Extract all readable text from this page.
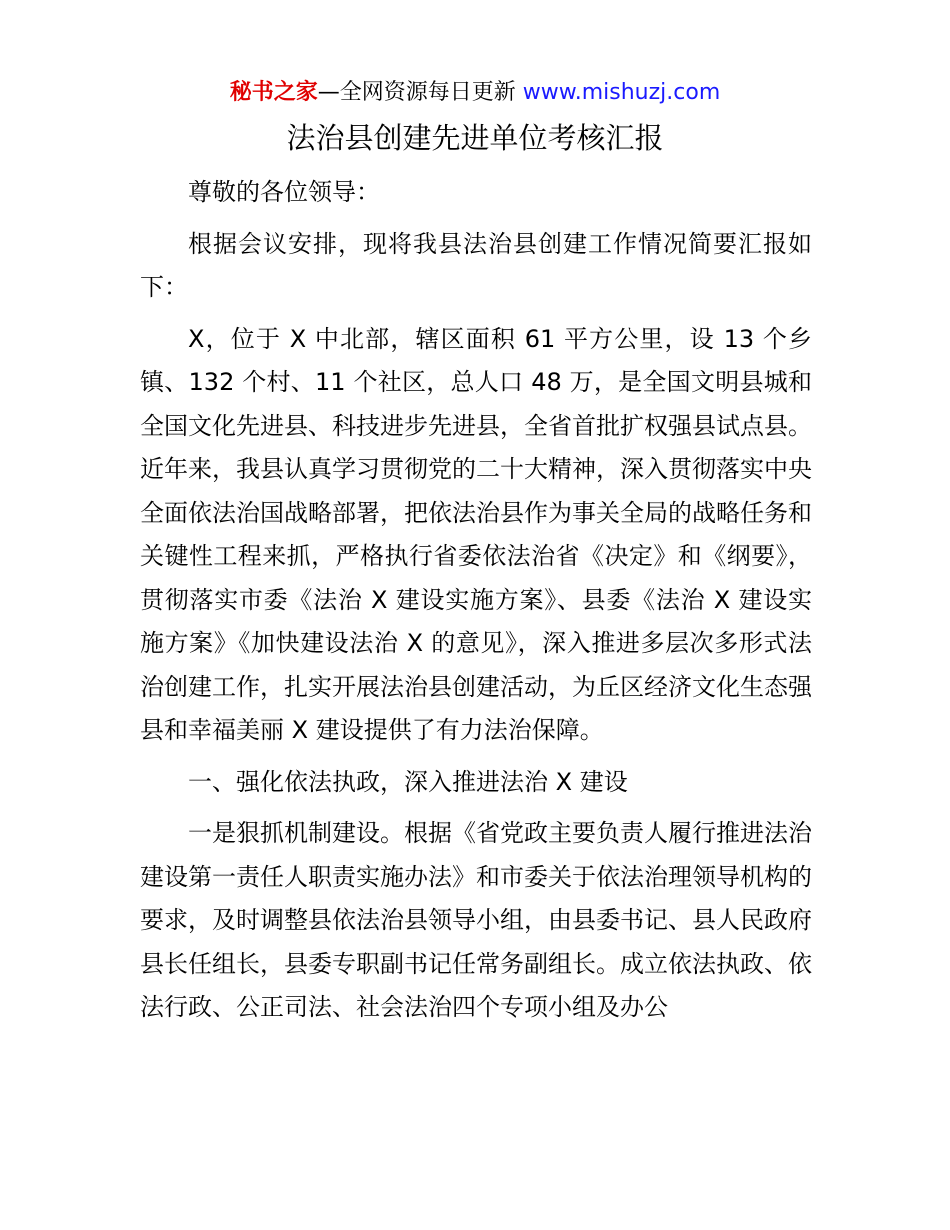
秘书之家—全网资源每日更新 www.mishuzj.com
法治县创建先进单位考核汇报

尊敬的各位领导：

根据会议安排，现将我县法治县创建工作情况简要汇报如下：

X，位于 X 中北部，辖区面积 61 平方公里，设 13 个乡镇、132 个村、11 个社区，总人口 48 万，是全国文明县城和全国文化先进县、科技进步先进县，全省首批扩权强县试点县。近年来，我县认真学习贯彻党的二十大精神，深入贯彻落实中央全面依法治国战略部署，把依法治县作为事关全局的战略任务和关键性工程来抓，严格执行省委依法治省《决定》和《纲要》，贯彻落实市委《法治 X 建设实施方案》、县委《法治 X 建设实施方案》《加快建设法治 X 的意见》，深入推进多层次多形式法治创建工作，扎实开展法治县创建活动，为丘区经济文化生态强县和幸福美丽 X 建设提供了有力法治保障。

一、强化依法执政，深入推进法治 X 建设

一是狠抓机制建设。根据《省党政主要负责人履行推进法治建设第一责任人职责实施办法》和市委关于依法治理领导机构的要求，及时调整县依法治县领导小组，由县委书记、县人民政府县长任组长，县委专职副书记任常务副组长。成立依法执政、依法行政、公正司法、社会法治四个专项小组及办公
